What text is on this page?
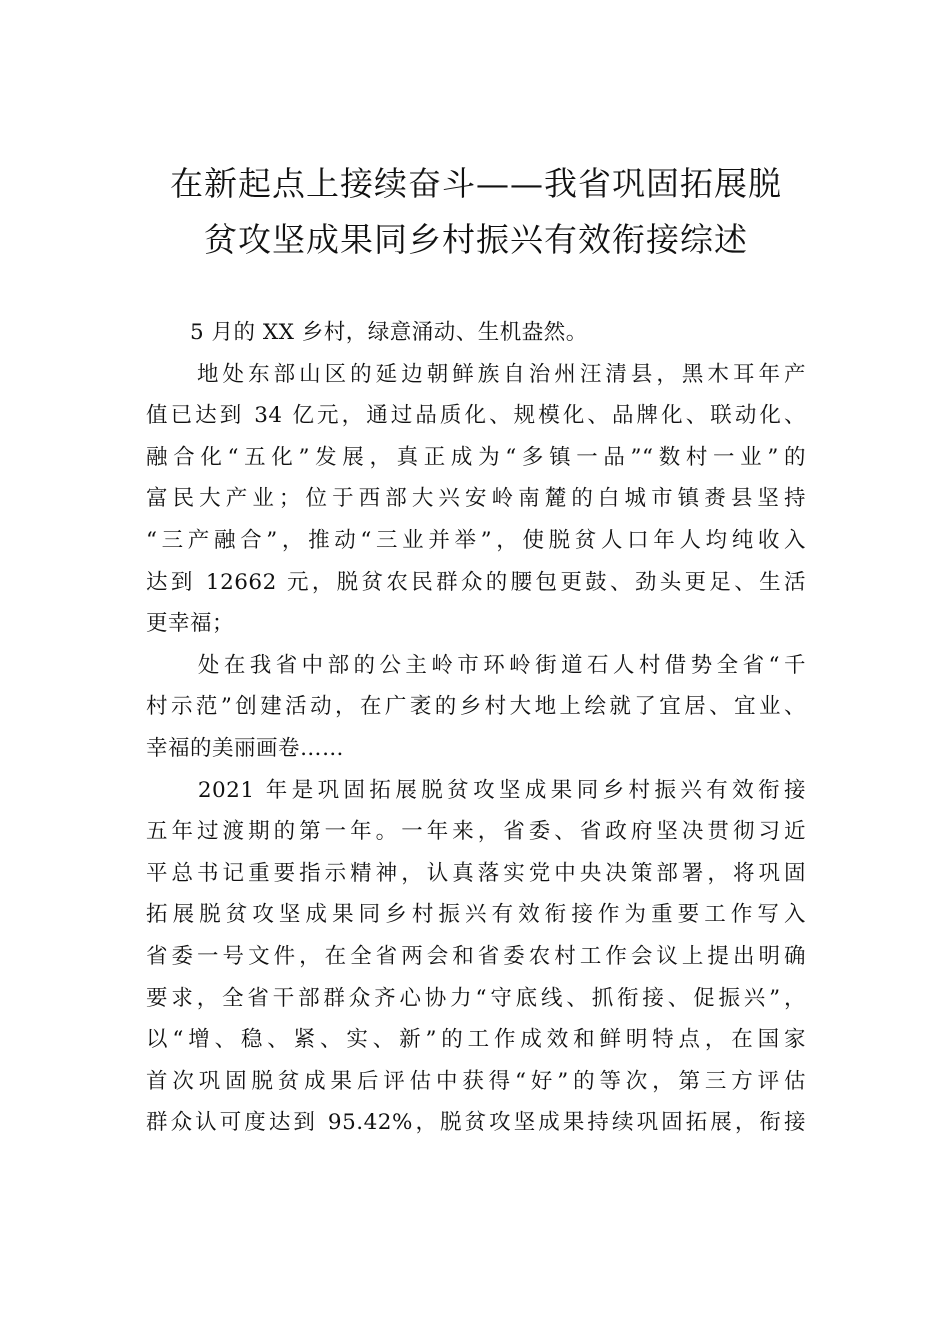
在新起点上接续奋斗——我省巩固拓展脱
贫攻坚成果同乡村振兴有效衔接综述

　　5 月的 XX 乡村，绿意涌动、生机盎然。

　　地处东部山区的延边朝鲜族自治州汪清县，黑木耳年产

值已达到 34 亿元，通过品质化、规模化、品牌化、联动化、

融合化“五化”发展，真正成为“多镇一品”“数村一业”的

富民大产业；位于西部大兴安岭南麓的白城市镇赉县坚持

“三产融合”，推动“三业并举”，使脱贫人口年人均纯收入

达到 12662 元，脱贫农民群众的腰包更鼓、劲头更足、生活

更幸福；

　　处在我省中部的公主岭市环岭街道石人村借势全省“千

村示范”创建活动，在广袤的乡村大地上绘就了宜居、宜业、

幸福的美丽画卷……

　　2021 年是巩固拓展脱贫攻坚成果同乡村振兴有效衔接

五年过渡期的第一年。一年来，省委、省政府坚决贯彻习近

平总书记重要指示精神，认真落实党中央决策部署，将巩固

拓展脱贫攻坚成果同乡村振兴有效衔接作为重要工作写入

省委一号文件，在全省两会和省委农村工作会议上提出明确

要求，全省干部群众齐心协力“守底线、抓衔接、促振兴”，

以“增、稳、紧、实、新”的工作成效和鲜明特点，在国家

首次巩固脱贫成果后评估中获得“好”的等次，第三方评估

群众认可度达到 95.42%，脱贫攻坚成果持续巩固拓展，衔接
